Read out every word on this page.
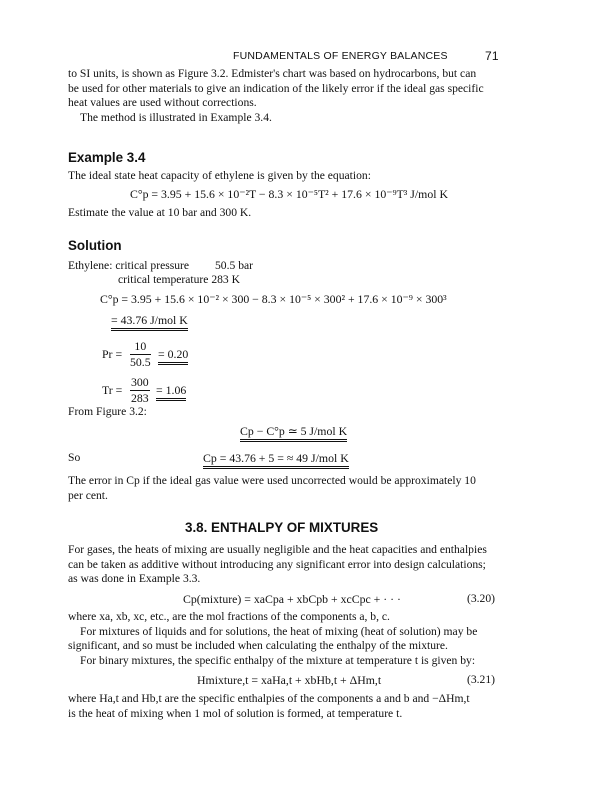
FUNDAMENTALS OF ENERGY BALANCES	71
to SI units, is shown as Figure 3.2. Edmister's chart was based on hydrocarbons, but can
be used for other materials to give an indication of the likely error if the ideal gas specific
heat values are used without corrections.
The method is illustrated in Example 3.4.
Example 3.4
The ideal state heat capacity of ethylene is given by the equation:
C°p = 3.95 + 15.6 × 10⁻²T − 8.3 × 10⁻⁵T² + 17.6 × 10⁻⁹T³ J/mol K
Estimate the value at 10 bar and 300 K.
Solution
Ethylene: critical pressure 50.5 bar
critical temperature 283 K
C°p = 3.95 + 15.6 × 10⁻² × 300 − 8.3 × 10⁻⁵ × 300² + 17.6 × 10⁻⁹ × 300³
= 43.76 J/mol K
$Pr = \frac{10}{50.5} = 0.20$
$Tr = \frac{300}{283} = 1.06$
From Figure 3.2:
Cp − C°p ≃ 5 J/mol K
So	Cp = 43.76 + 5 = ≈ 49 J/mol K
The error in Cp if the ideal gas value were used uncorrected would be approximately 10
per cent.
3.8. ENTHALPY OF MIXTURES
For gases, the heats of mixing are usually negligible and the heat capacities and enthalpies
can be taken as additive without introducing any significant error into design calculations;
as was done in Example 3.3.
Cp(mixture) = xaCpa + xbCpb + xcCpc + · · ·	(3.20)
where xa, xb, xc, etc., are the mol fractions of the components a, b, c.
For mixtures of liquids and for solutions, the heat of mixing (heat of solution) may be
significant, and so must be included when calculating the enthalpy of the mixture.
For binary mixtures, the specific enthalpy of the mixture at temperature t is given by:
Hmixture,t = xaHa,t + xbHb,t + ΔHm,t	(3.21)
where Ha,t and Hb,t are the specific enthalpies of the components a and b and −ΔHm,t
is the heat of mixing when 1 mol of solution is formed, at temperature t.
